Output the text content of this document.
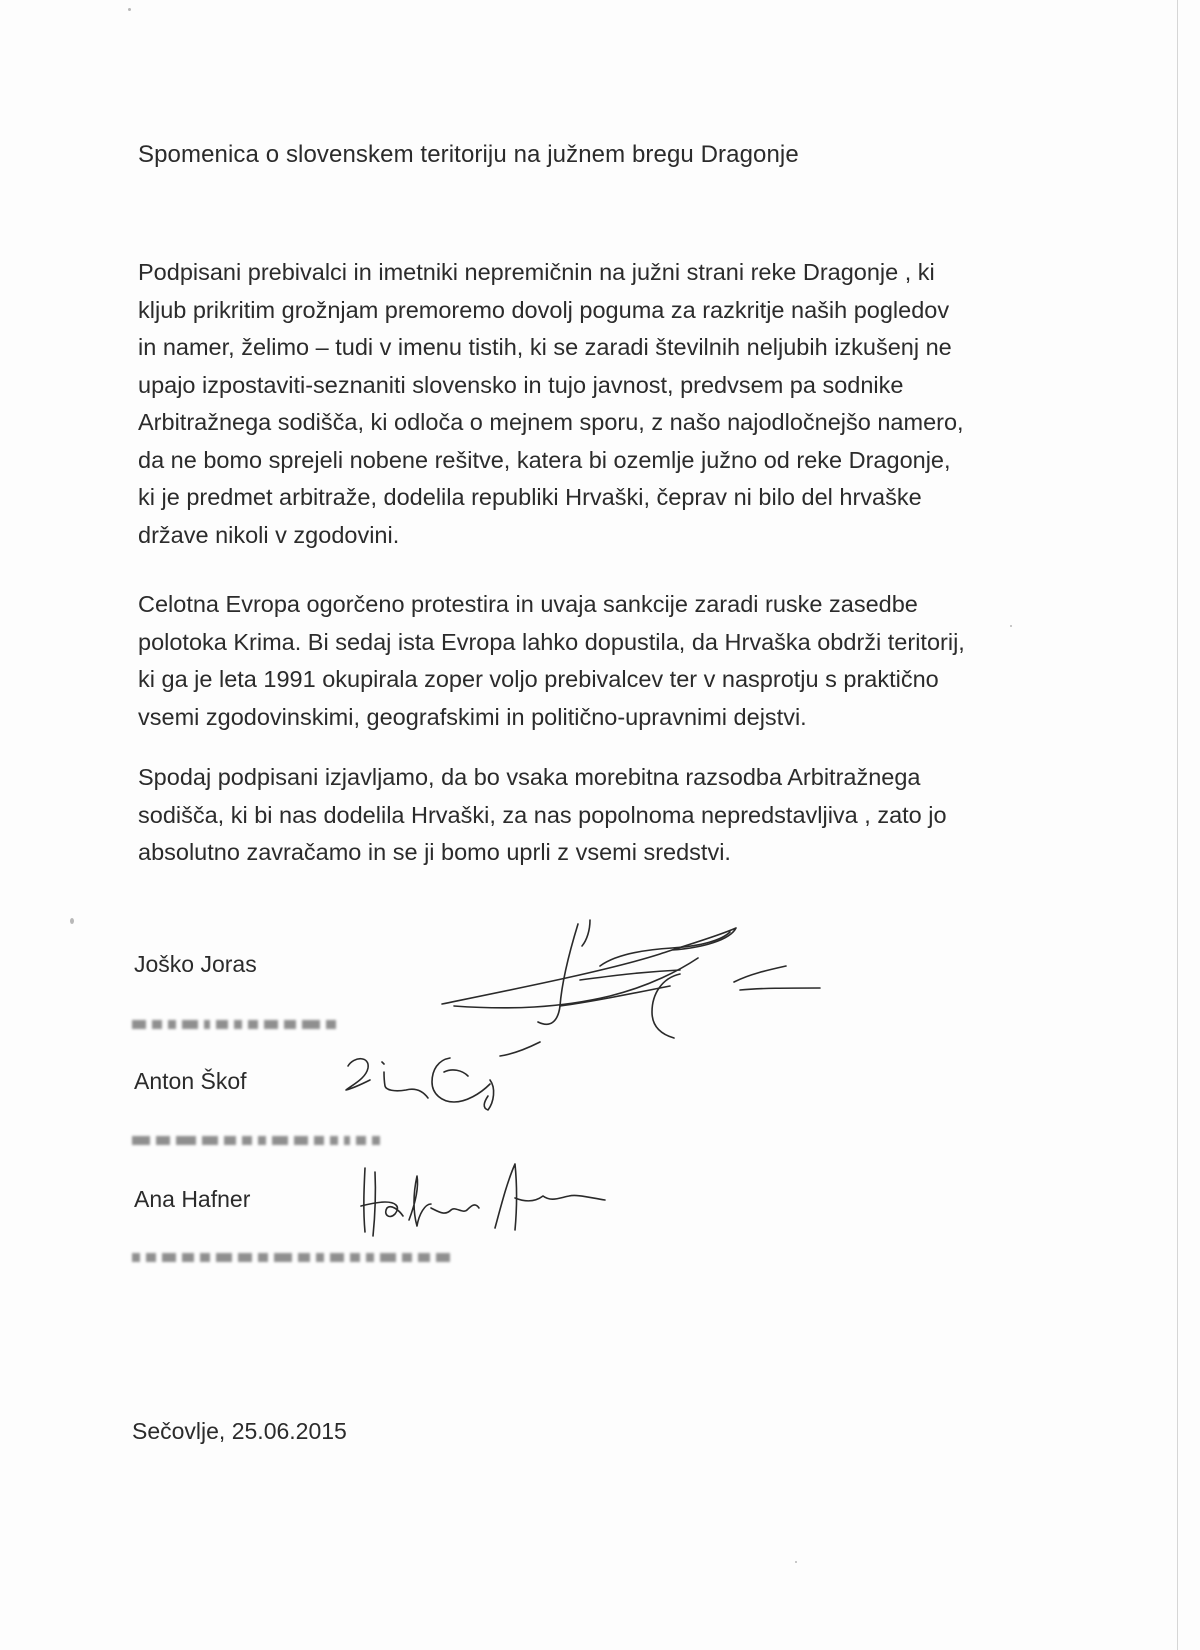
Spomenica o slovenskem teritoriju na južnem bregu Dragonje
Podpisani prebivalci in imetniki nepremičnin na južni strani reke Dragonje , ki
kljub prikritim grožnjam premoremo dovolj poguma za razkritje naših pogledov
in namer, želimo – tudi v imenu tistih, ki se zaradi številnih neljubih izkušenj ne
upajo izpostaviti-seznaniti slovensko in tujo javnost, predvsem pa sodnike
Arbitražnega sodišča, ki odloča o mejnem sporu, z našo najodločnejšo namero,
da ne bomo sprejeli nobene rešitve, katera bi ozemlje južno od reke Dragonje,
ki je predmet arbitraže, dodelila republiki Hrvaški, čeprav ni bilo del hrvaške
države nikoli v zgodovini.
Celotna Evropa ogorčeno protestira in uvaja sankcije zaradi ruske zasedbe
polotoka Krima. Bi sedaj ista Evropa lahko dopustila, da Hrvaška obdrži teritorij,
ki ga je leta 1991 okupirala zoper voljo prebivalcev ter v nasprotju s praktično
vsemi zgodovinskimi, geografskimi in politično-upravnimi dejstvi.
Spodaj podpisani izjavljamo, da bo vsaka morebitna razsodba Arbitražnega
sodišča, ki bi nas dodelila Hrvaški, za nas popolnoma nepredstavljiva , zato jo
absolutno zavračamo in se ji bomo uprli z vsemi sredstvi.
Joško Joras
Anton Škof
Ana Hafner
Sečovlje, 25.06.2015
